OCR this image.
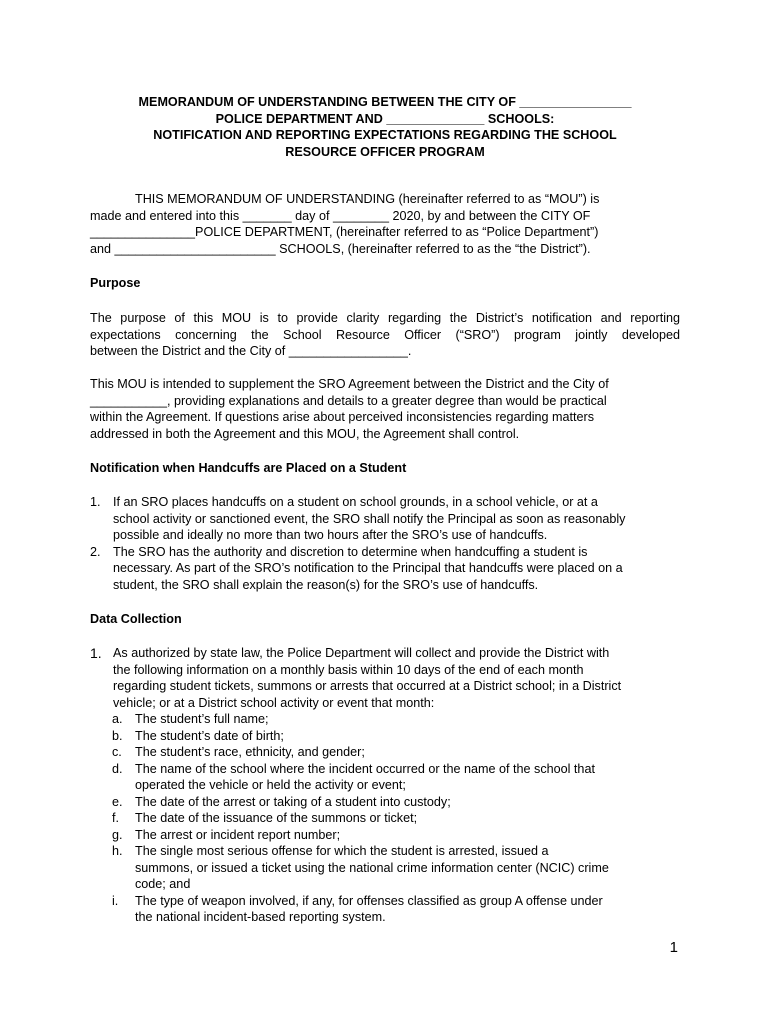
MEMORANDUM OF UNDERSTANDING BETWEEN THE CITY OF ________________
POLICE DEPARTMENT AND ______________ SCHOOLS:
NOTIFICATION AND REPORTING EXPECTATIONS REGARDING THE SCHOOL
RESOURCE OFFICER PROGRAM
THIS MEMORANDUM OF UNDERSTANDING (hereinafter referred to as “MOU”) is
made and entered into this _______ day of ________ 2020, by and between the CITY OF
_______________POLICE DEPARTMENT, (hereinafter referred to as “Police Department”)
and _______________________ SCHOOLS, (hereinafter referred to as the “the District”).
Purpose
The purpose of this MOU is to provide clarity regarding the District’s notification and reporting
expectations concerning the School Resource Officer (“SRO”) program jointly developed
between the District and the City of _________________.
This MOU is intended to supplement the SRO Agreement between the District and the City of
___________, providing explanations and details to a greater degree than would be practical
within the Agreement. If questions arise about perceived inconsistencies regarding matters
addressed in both the Agreement and this MOU, the Agreement shall control.
Notification when Handcuffs are Placed on a Student
1. If an SRO places handcuffs on a student on school grounds, in a school vehicle, or at a
school activity or sanctioned event, the SRO shall notify the Principal as soon as reasonably
possible and ideally no more than two hours after the SRO’s use of handcuffs.
2. The SRO has the authority and discretion to determine when handcuffing a student is
necessary. As part of the SRO’s notification to the Principal that handcuffs were placed on a
student, the SRO shall explain the reason(s) for the SRO’s use of handcuffs.
Data Collection
1. As authorized by state law, the Police Department will collect and provide the District with
the following information on a monthly basis within 10 days of the end of each month
regarding student tickets, summons or arrests that occurred at a District school; in a District
vehicle; or at a District school activity or event that month:
a. The student’s full name;
b. The student’s date of birth;
c. The student’s race, ethnicity, and gender;
d. The name of the school where the incident occurred or the name of the school that
operated the vehicle or held the activity or event;
e. The date of the arrest or taking of a student into custody;
f. The date of the issuance of the summons or ticket;
g. The arrest or incident report number;
h. The single most serious offense for which the student is arrested, issued a
summons, or issued a ticket using the national crime information center (NCIC) crime
code; and
i. The type of weapon involved, if any, for offenses classified as group A offense under
the national incident-based reporting system.
1
